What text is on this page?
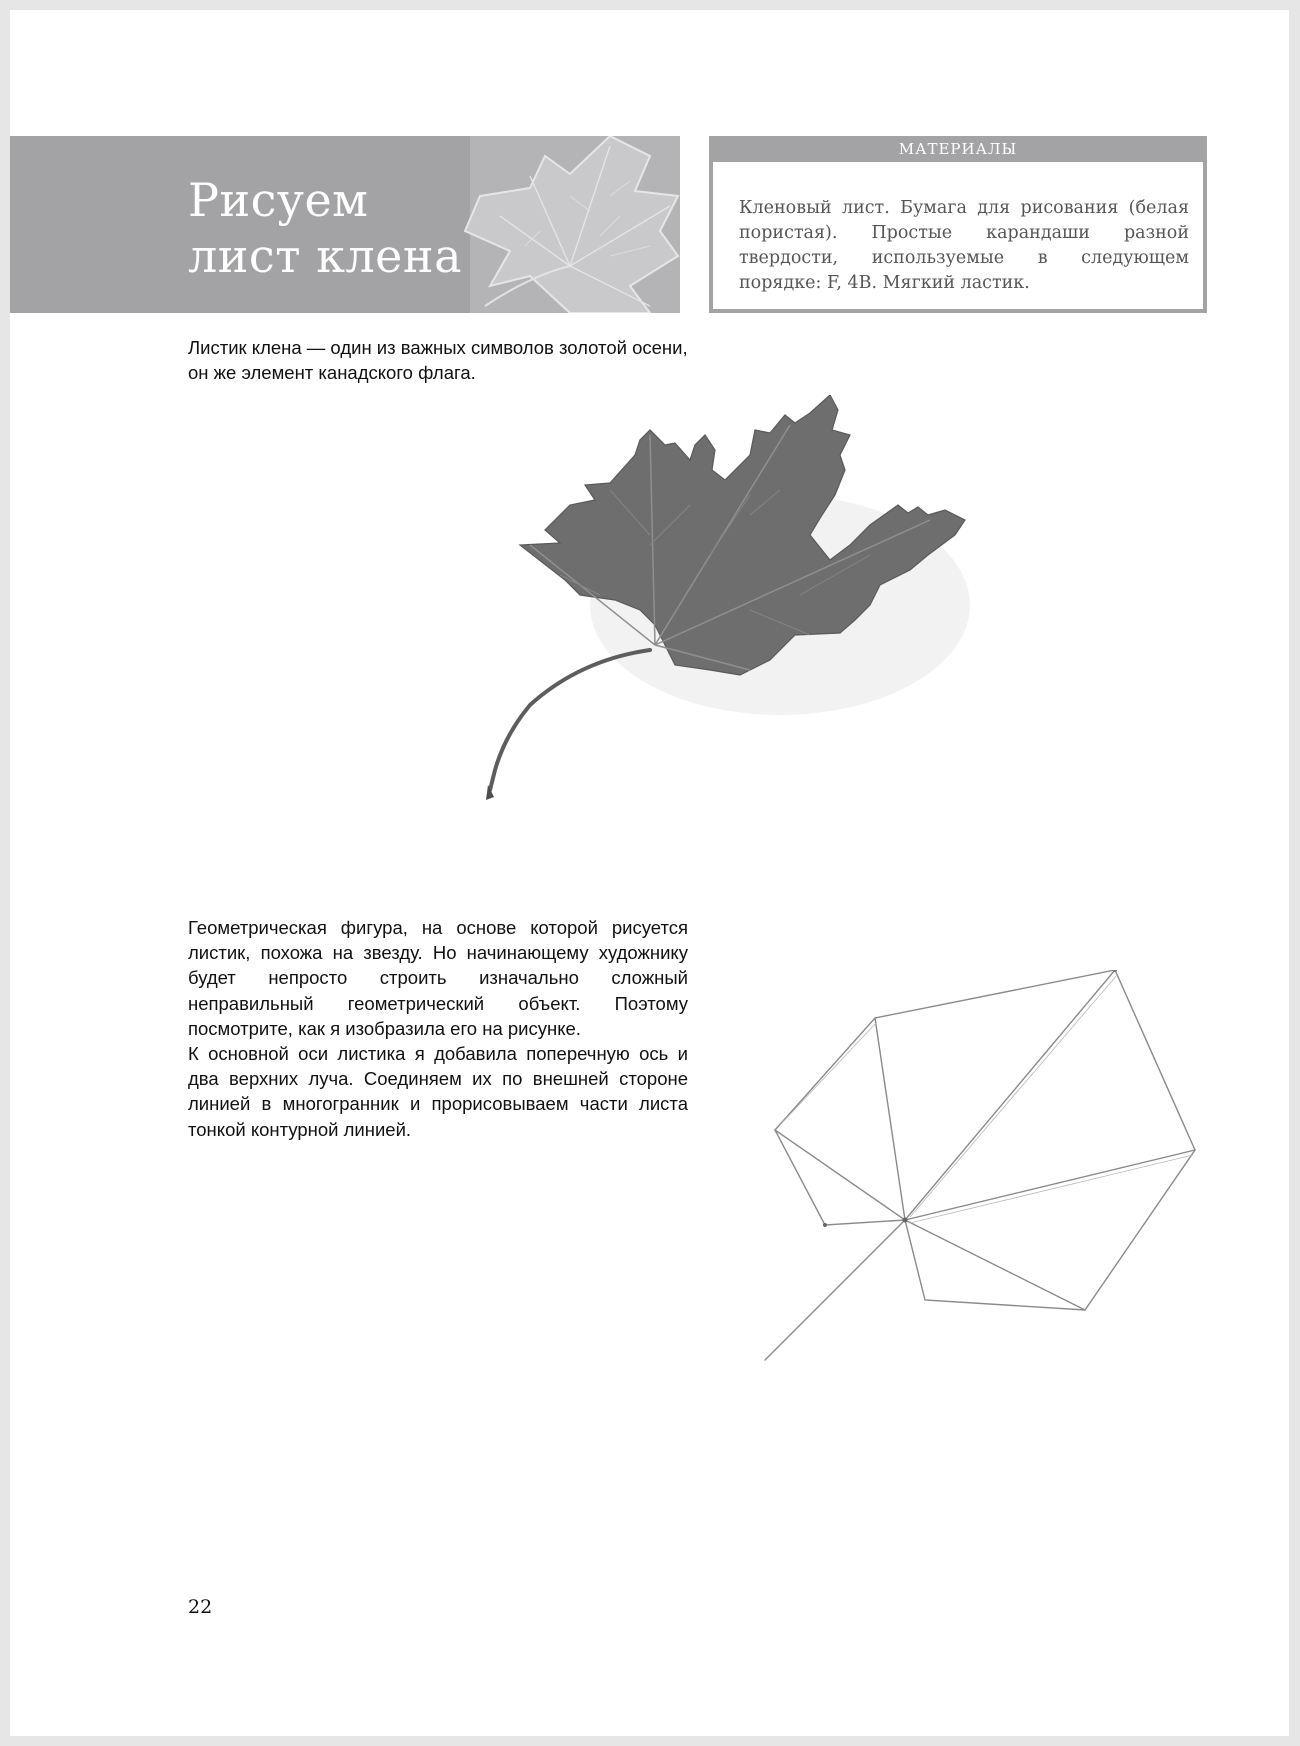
Рисуем
лист клена
МАТЕРИАЛЫ

Кленовый лист. Бумага для рисования (белая пористая). Простые карандаши разной твердости, используемые в следующем порядке: F, 4B. Мягкий ластик.

Листик клена — один из важных символов золотой осени, он же элемент канадского флага.

Геометрическая фигура, на основе которой рисуется листик, похожа на звезду. Но начинающему художнику будет непросто строить изначально сложный неправильный геометрический объект. Поэтому посмотрите, как я изобразила его на рисунке.
К основной оси листика я добавила поперечную ось и два верхних луча. Соединяем их по внешней стороне линией в многогранник и прорисовываем части листа тонкой контурной линией.
22
